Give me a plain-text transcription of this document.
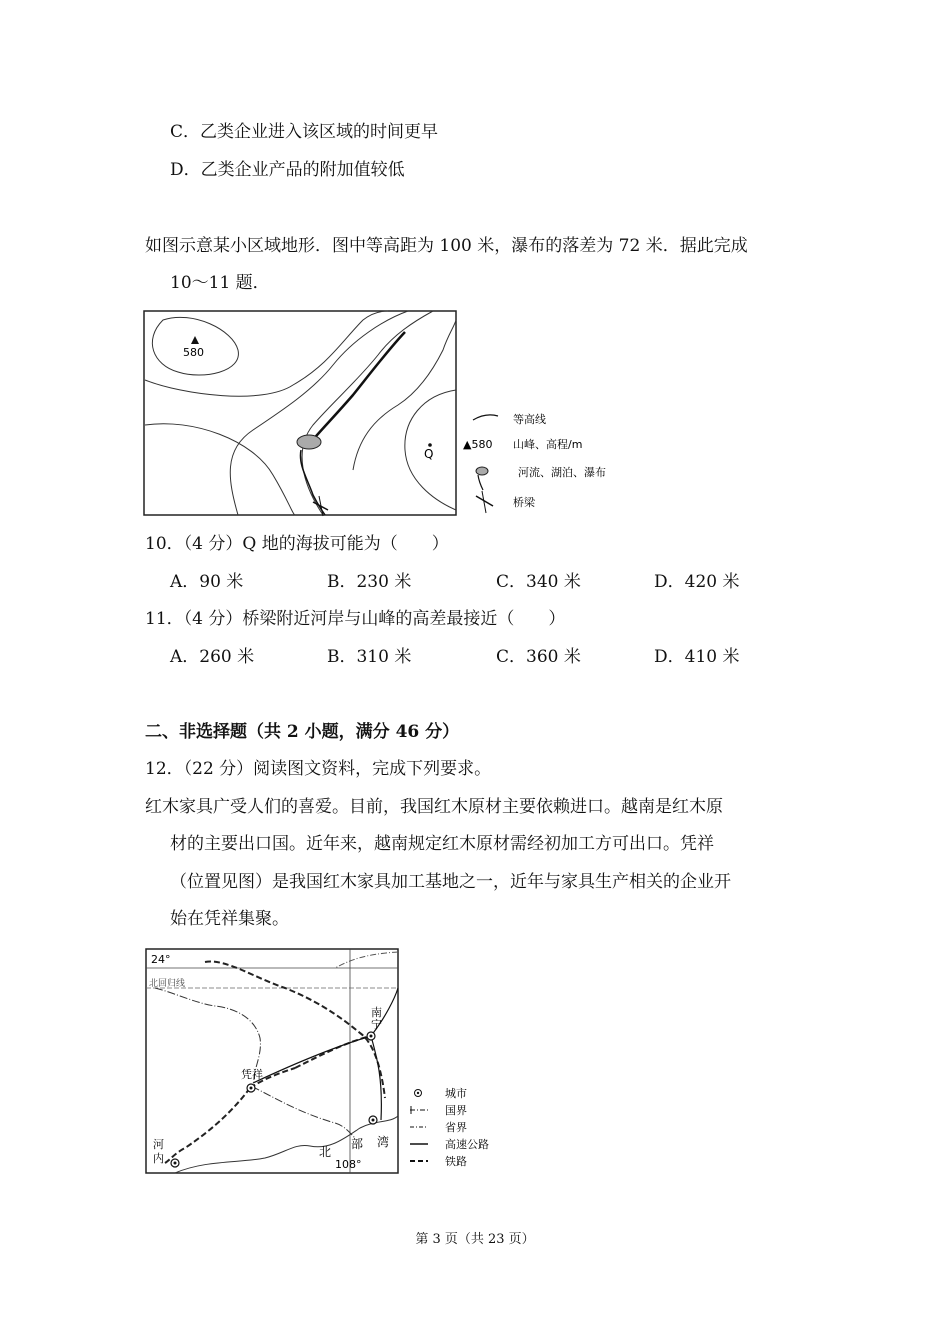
C．乙类企业进入该区域的时间更早
D．乙类企业产品的附加值较低
如图示意某小区域地形．图中等高距为 100 米，瀑布的落差为 72 米．据此完成
10～11 题．
580
Q
等高线
▲580 山峰、高程/m
河流、湖泊、瀑布
桥梁
10．（4 分）Q 地的海拔可能为（　　）
A．90 米	B．230 米	C．340 米	D．420 米
11．（4 分）桥梁附近河岸与山峰的高差最接近（　　）
A．260 米	B．310 米	C．360 米	D．410 米
二、非选择题（共 2 小题，满分 46 分）
12．（22 分）阅读图文资料，完成下列要求。
红木家具广受人们的喜爱。目前，我国红木原材主要依赖进口。越南是红木原
材的主要出口国。近年来，越南规定红木原材需经初加工方可出口。凭祥
（位置见图）是我国红木家具加工基地之一，近年与家具生产相关的企业开
始在凭祥集聚。
24°
北回归线
南
宁
凭祥
河
内	北
部 湾
108°
城市
国界
省界
高速公路
铁路
第 3 页（共 23 页）
